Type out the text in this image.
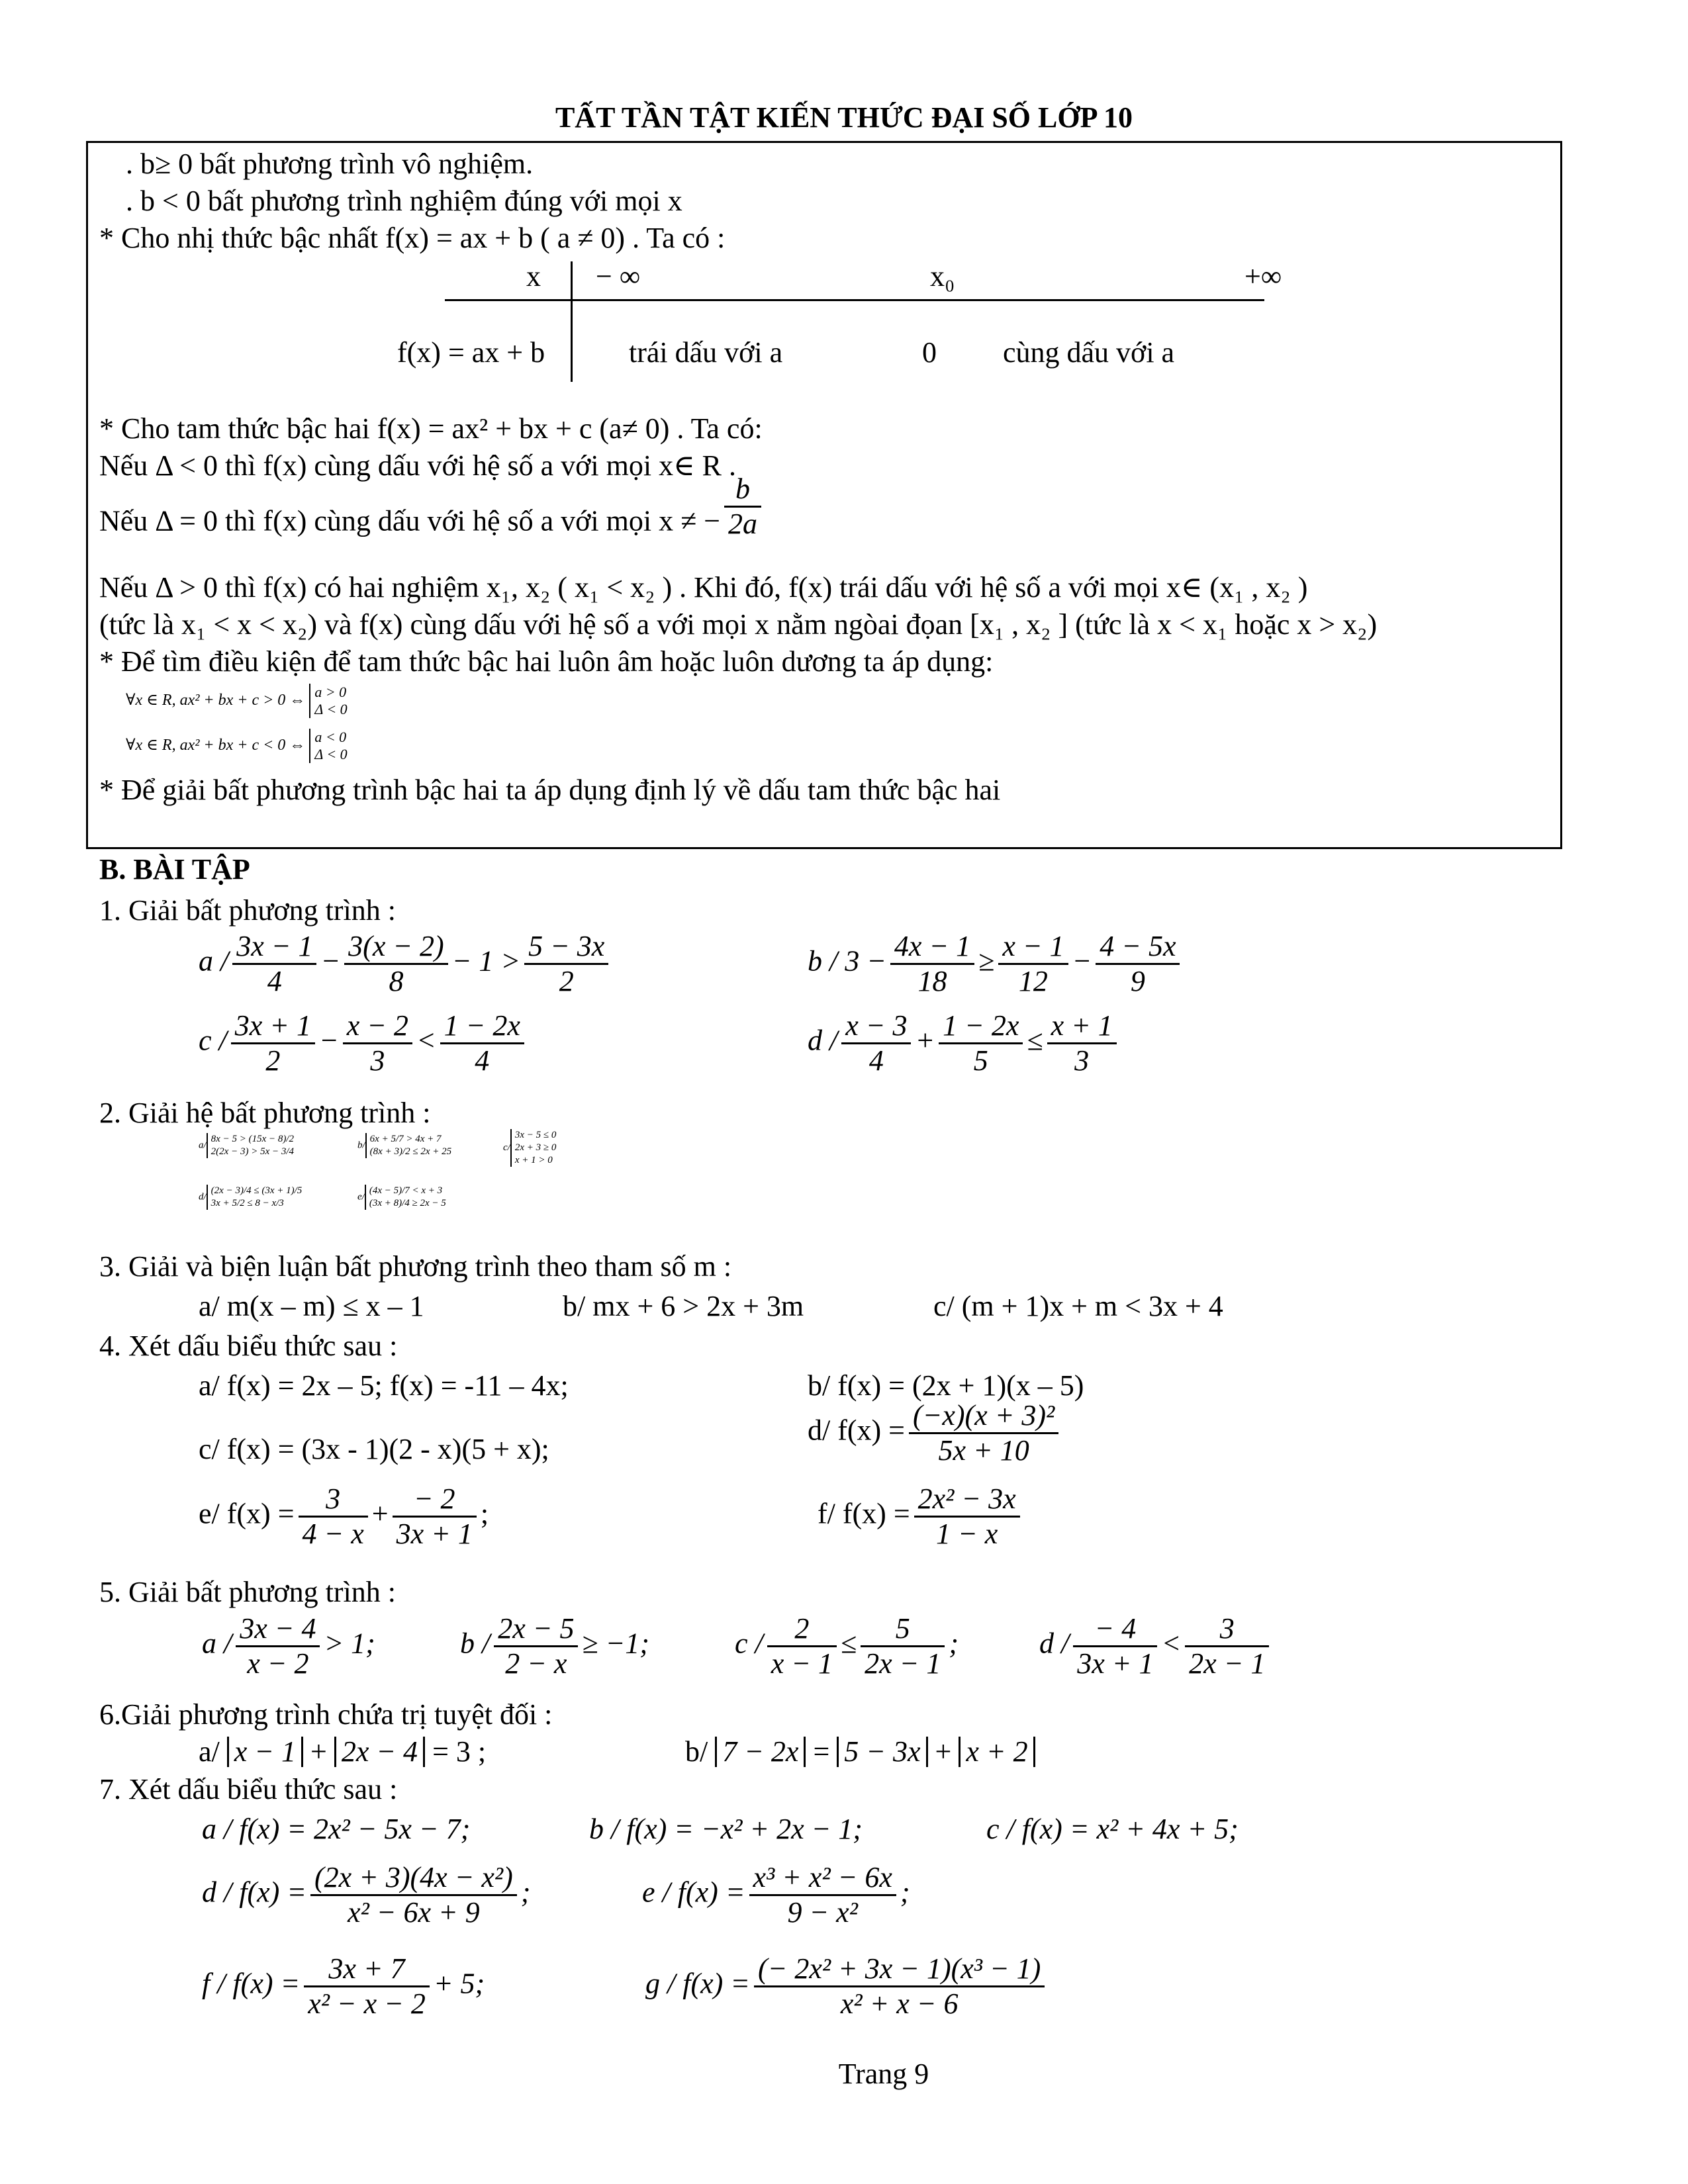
TẤT TẦN TẬT KIẾN THỨC ĐẠI SỐ LỚP 10
. b≥ 0 bất phương trình vô nghiệm.
. b < 0 bất phương trình nghiệm đúng với mọi x
* Cho nhị thức bậc nhất f(x) = ax + b ( a ≠ 0) . Ta có :
x − ∞	x₀	+∞
f(x) = ax + b	trái dấu với a	0 cùng dấu với a
* Cho tam thức bậc hai f(x) = ax² + bx + c (a≠ 0) . Ta có:
Nếu Δ < 0 thì f(x) cùng dấu với hệ số a với mọi x∈ R .
Nếu Δ = 0 thì f(x) cùng dấu với hệ số a với mọi x ≠ − $\frac{b}{2a}$
Nếu Δ > 0 thì f(x) có hai nghiệm x₁, x₂ ( x₁ < x₂ ) . Khi đó, f(x) trái dấu với hệ số a với mọi x∈ (x₁ , x₂ )
(tức là x₁ < x < x₂) và f(x) cùng dấu với hệ số a với mọi x nằm ngòai đọan [x₁ , x₂ ] (tức là x < x₁ hoặc x > x₂)
* Để tìm điều kiện để tam thức bậc hai luôn âm hoặc luôn dương ta áp dụng:
∀x ∈ R, ax² + bx + c > 0 ⇔ a > 0
Δ < 0
∀x ∈ R, ax² + bx + c < 0 ⇔ a < 0
Δ < 0
* Để giải bất phương trình bậc hai ta áp dụng định lý về dấu tam thức bậc hai
B. BÀI TẬP
1. Giải bất phương trình :
$a / \frac{3x - 1}{4} - \frac{3(x - 2)}{8} - 1 > \frac{5 - 3x}{2}$	$b / 3 - \frac{4x - 1}{18} \ge \frac{x - 1}{12} - \frac{4 - 5x}{9}$
$c / \frac{3x + 1}{2} - \frac{x - 2}{3} < \frac{1 - 2x}{4}$	$d / \frac{x - 3}{4} + \frac{1 - 2x}{5} \le \frac{x + 1}{3}$
2. Giải hệ bất phương trình :
a/8x − 5 > (15x − 8)/2
2(2x − 3) > 5x − 3/4
b/6x + 5/7 > 4x + 7
(8x + 3)/2 ≤ 2x + 25	c/3x − 5 ≤ 0
2x + 3 ≥ 0
x + 1 > 0
d/(2x − 3)/4 ≤ (3x + 1)/5
3x + 5/2 ≤ 8 − x/3
e/(4x − 5)/7 < x + 3
(3x + 8)/4 ≥ 2x − 5
3. Giải và biện luận bất phương trình theo tham số m :
a/ m(x – m) ≤ x – 1	b/ mx + 6 > 2x + 3m	c/ (m + 1)x + m < 3x + 4
4. Xét dấu biểu thức sau :
a/ f(x) = 2x – 5; f(x) = -11 – 4x;	b/ f(x) = (2x + 1)(x – 5)
c/ f(x) = (3x - 1)(2 - x)(5 + x);
d/ $f(x) = \frac{\text{(−x)(x + 3)²}}{5x + 10}$
e/ $f(x) = \frac{3}{4 - x} + \frac{- 2}{3x + 1}$ ;	f/ $f(x) = \frac{\text{2x² − 3x}}{1 - x}$
5. Giải bất phương trình :
$a / \frac{3x - 4}{x - 2} > 1$;	$b / \frac{2x - 5}{2 - x} \ge -1$;	$c / \frac{2}{x - 1} \le \frac{5}{2x - 1}$ ;	$d / \frac{- 4}{3x + 1} < \frac{3}{2x - 1}$
6.Giải phương trình chứa trị tuyệt đối :
a/ x − 1 + 2x − 4 = 3 ;	b/ 7 − 2x = 5 − 3x + x + 2
7. Xét dấu biểu thức sau :
a / f(x) = 2x² − 5x − 7;	b / f(x) = −x² + 2x − 1;	c / f(x) = x² + 4x + 5;
$d / f(x) = \frac{\text{(2x + 3)(4x − x²)}}{\text{x² − 6x + 9}}$ ;	$e / f(x) = \frac{\text{x³ + x² − 6x}}{\text{9 − x²}}$ ;
$f / f(x) = \frac{3x + 7}{\text{x² − x − 2}} + 5$;	$g / f(x) = \frac{\text{(− 2x² + 3x − 1)(x³ − 1)}}{\text{x² + x − 6}}$
Trang 9
